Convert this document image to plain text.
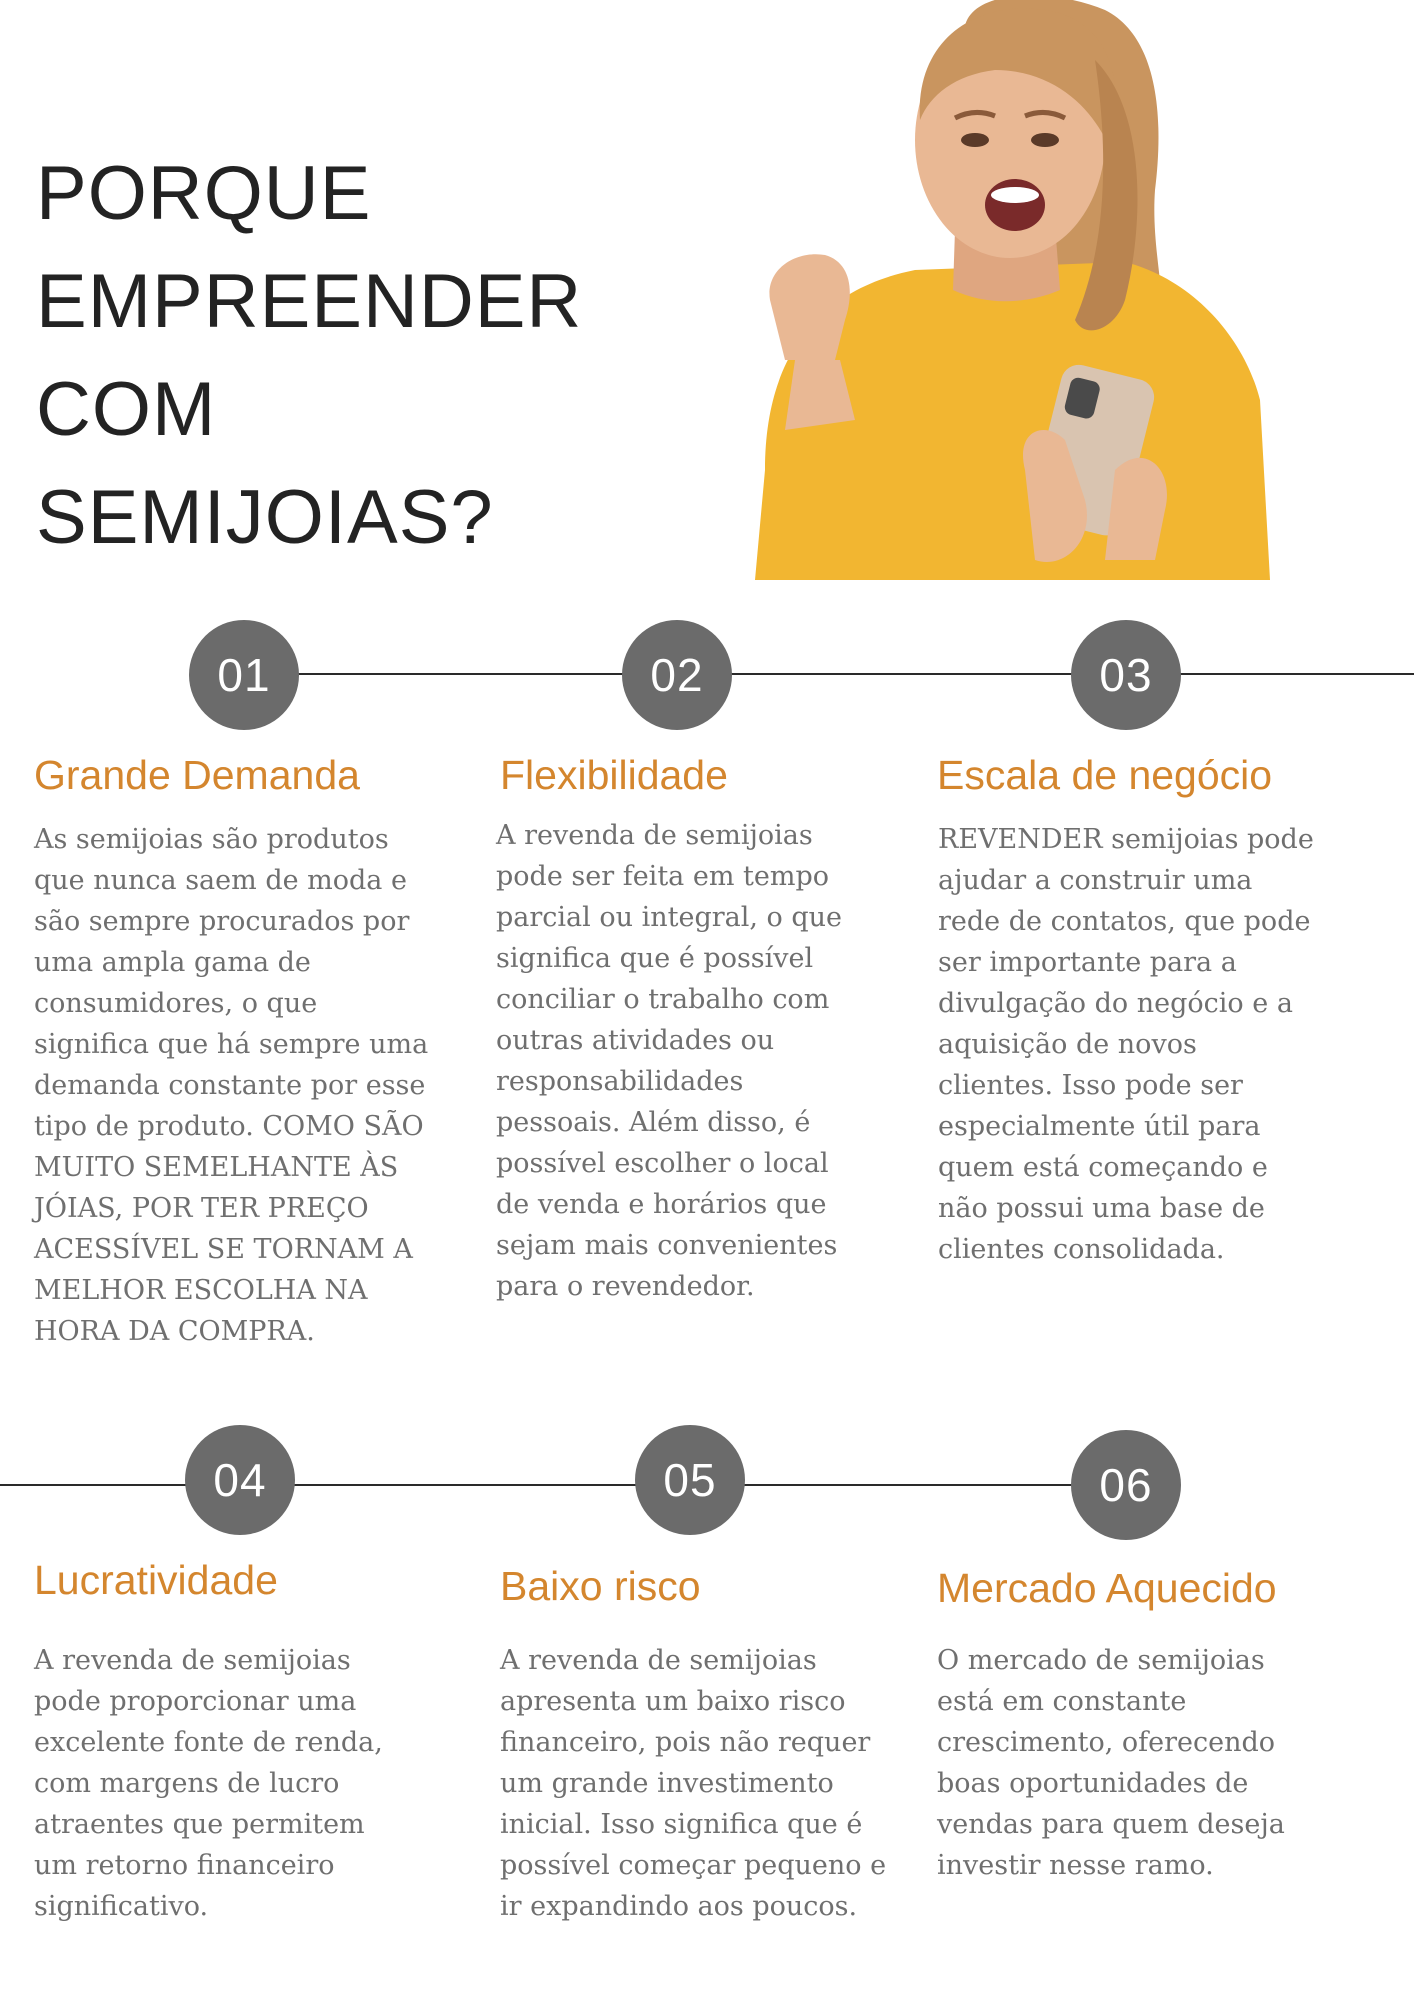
PORQUE
EMPREENDER COM
SEMIJOIAS?
01	02	03
Grande Demanda	Flexibilidade	Escala de negócio

As semijoias são produtos que nunca saem de moda e são sempre procurados por uma ampla gama de consumidores, o que significa que há sempre uma demanda constante por esse tipo de produto. COMO SÃO MUITO SEMELHANTE ÀS JÓIAS, POR TER PREÇO ACESSÍVEL SE TORNAM A MELHOR ESCOLHA NA HORA DA COMPRA.

A revenda de semijoias pode ser feita em tempo parcial ou integral, o que significa que é possível conciliar o trabalho com outras atividades ou responsabilidades pessoais. Além disso, é possível escolher o local de venda e horários que sejam mais convenientes para o revendedor.

REVENDER semijoias pode ajudar a construir uma rede de contatos, que pode ser importante para a divulgação do negócio e a aquisição de novos clientes. Isso pode ser especialmente útil para quem está começando e não possui uma base de clientes consolidada.

04	05	06
Lucratividade	Baixo risco	Mercado Aquecido

A revenda de semijoias pode proporcionar uma excelente fonte de renda, com margens de lucro atraentes que permitem um retorno financeiro significativo.

A revenda de semijoias apresenta um baixo risco financeiro, pois não requer um grande investimento inicial. Isso significa que é possível começar pequeno e ir expandindo aos poucos.

O mercado de semijoias está em constante crescimento, oferecendo boas oportunidades de vendas para quem deseja investir nesse ramo.
